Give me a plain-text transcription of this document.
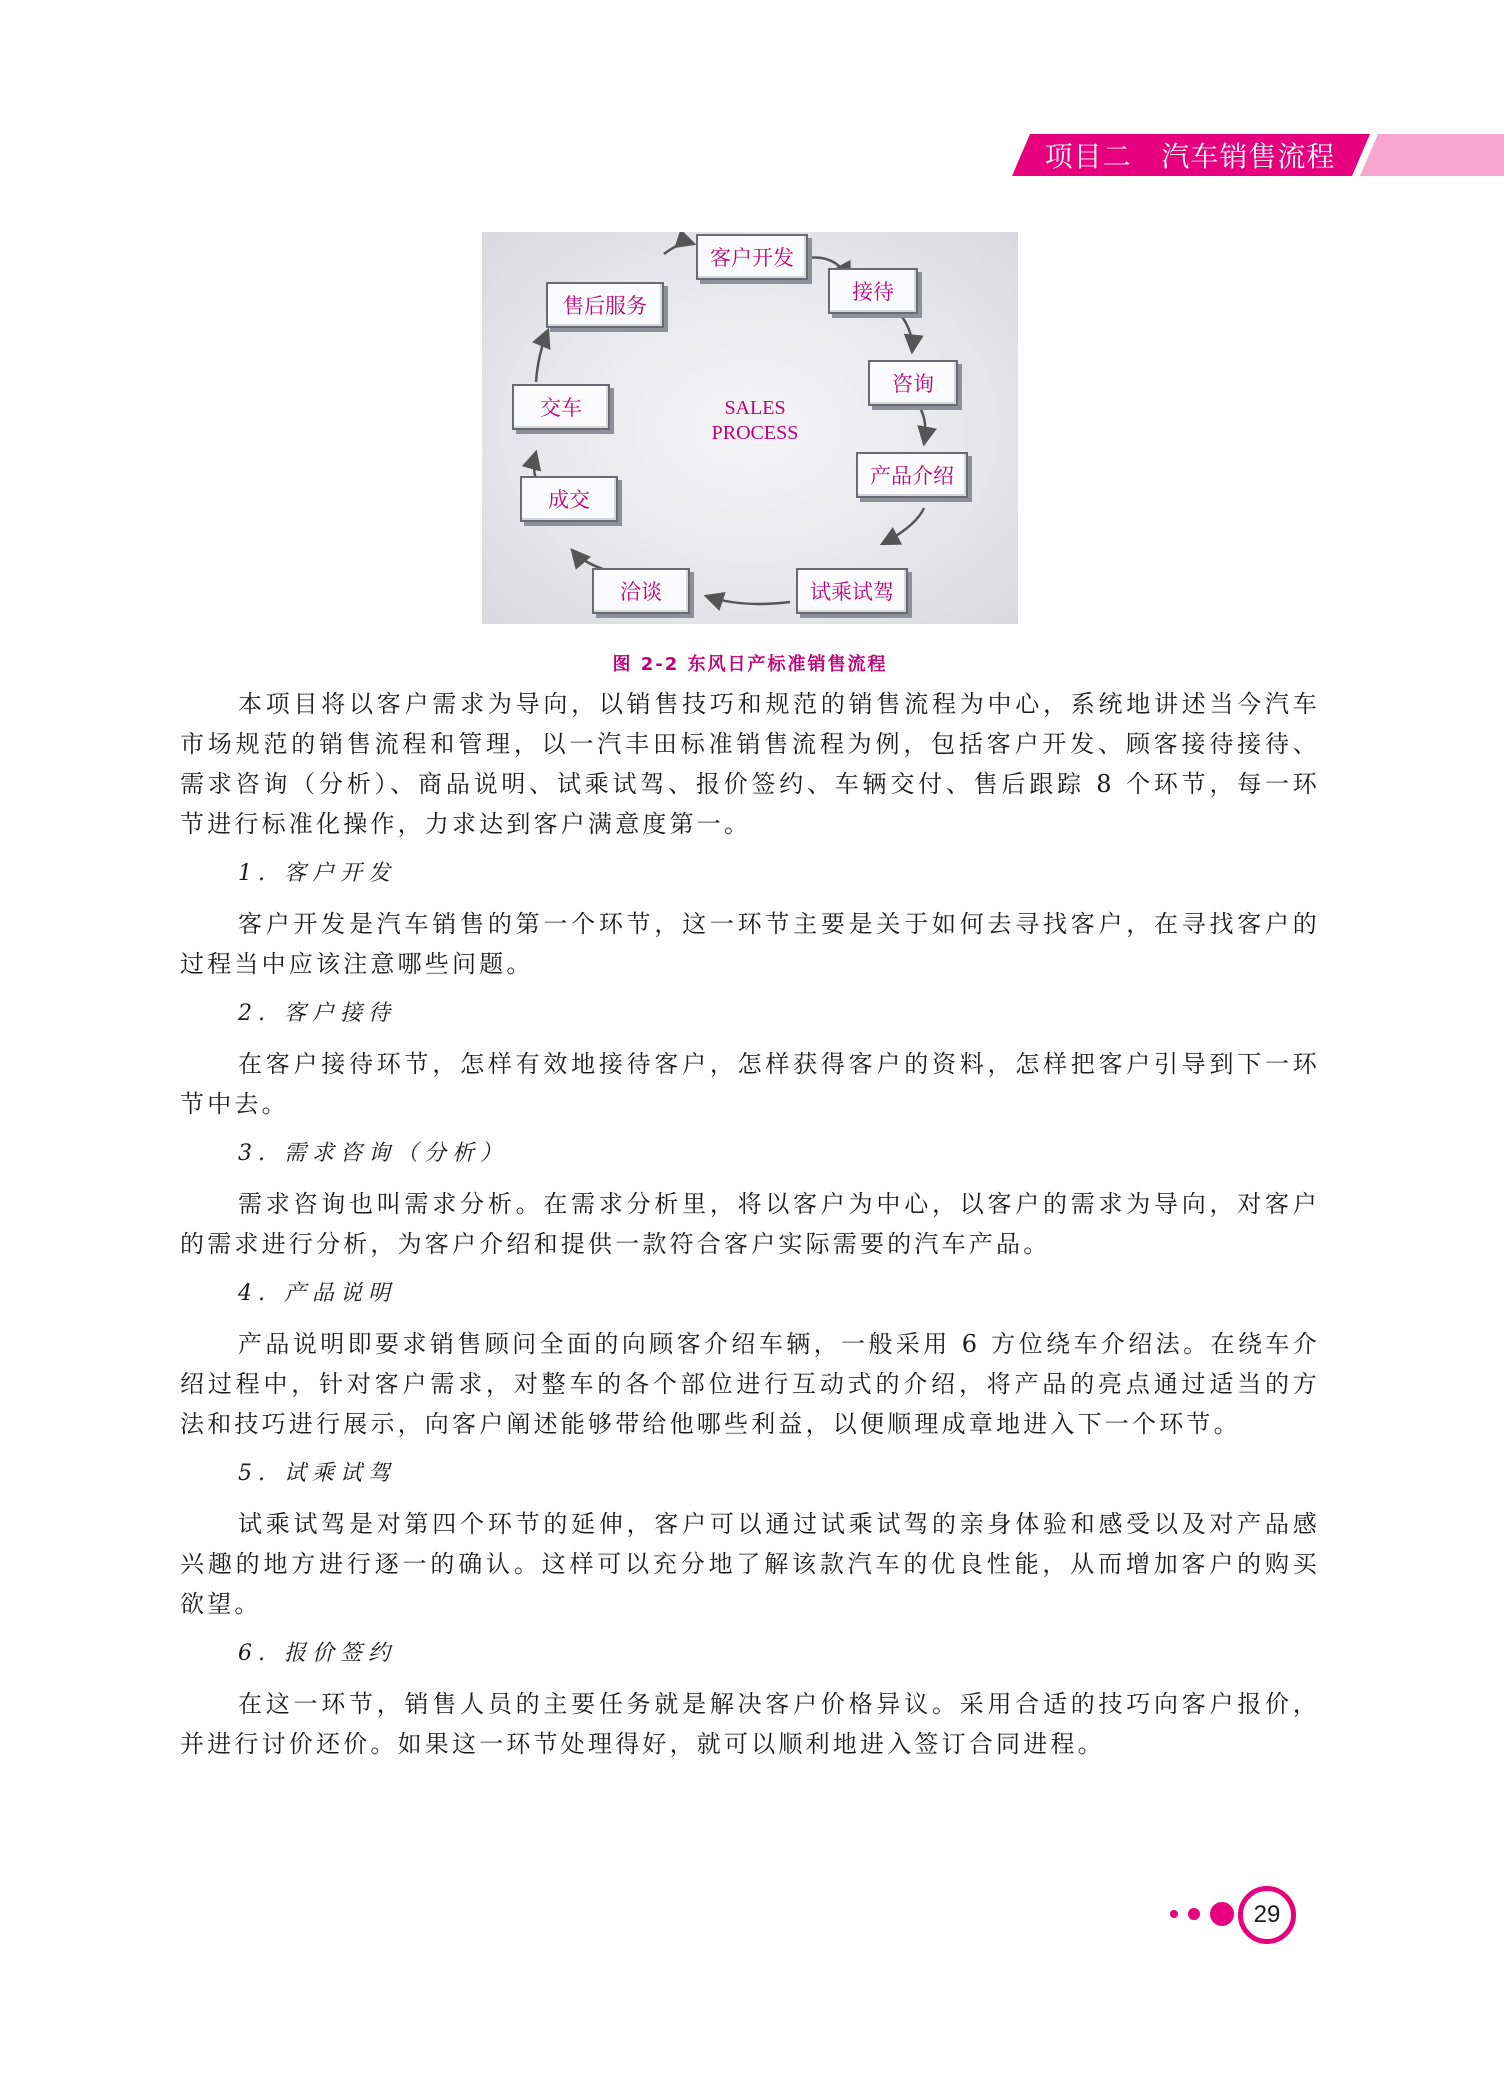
项目二   汽车销售流程
客户开发
接待
咨询
产品介绍
试乘试驾
洽谈
成交
交车
售后服务
SALES
PROCESS
图 2-2 东风日产标准销售流程

本项目将以客户需求为导向，以销售技巧和规范的销售流程为中心，系统地讲述当今汽车市场规范的销售流程和管理，以一汽丰田标准销售流程为例，包括客户开发、顾客接待接待、需求咨询（分析）、商品说明、试乘试驾、报价签约、车辆交付、售后跟踪 8 个环节，每一环节进行标准化操作，力求达到客户满意度第一。

1. 客户开发

客户开发是汽车销售的第一个环节，这一环节主要是关于如何去寻找客户，在寻找客户的过程当中应该注意哪些问题。

2. 客户接待

在客户接待环节，怎样有效地接待客户，怎样获得客户的资料，怎样把客户引导到下一环节中去。

3. 需求咨询（分析）

需求咨询也叫需求分析。在需求分析里，将以客户为中心，以客户的需求为导向，对客户的需求进行分析，为客户介绍和提供一款符合客户实际需要的汽车产品。

4. 产品说明

产品说明即要求销售顾问全面的向顾客介绍车辆，一般采用 6 方位绕车介绍法。在绕车介绍过程中，针对客户需求，对整车的各个部位进行互动式的介绍，将产品的亮点通过适当的方法和技巧进行展示，向客户阐述能够带给他哪些利益，以便顺理成章地进入下一个环节。

5. 试乘试驾

试乘试驾是对第四个环节的延伸，客户可以通过试乘试驾的亲身体验和感受以及对产品感兴趣的地方进行逐一的确认。这样可以充分地了解该款汽车的优良性能，从而增加客户的购买欲望。

6. 报价签约

在这一环节，销售人员的主要任务就是解决客户价格异议。采用合适的技巧向客户报价，并进行讨价还价。如果这一环节处理得好，就可以顺利地进入签订合同进程。

29
